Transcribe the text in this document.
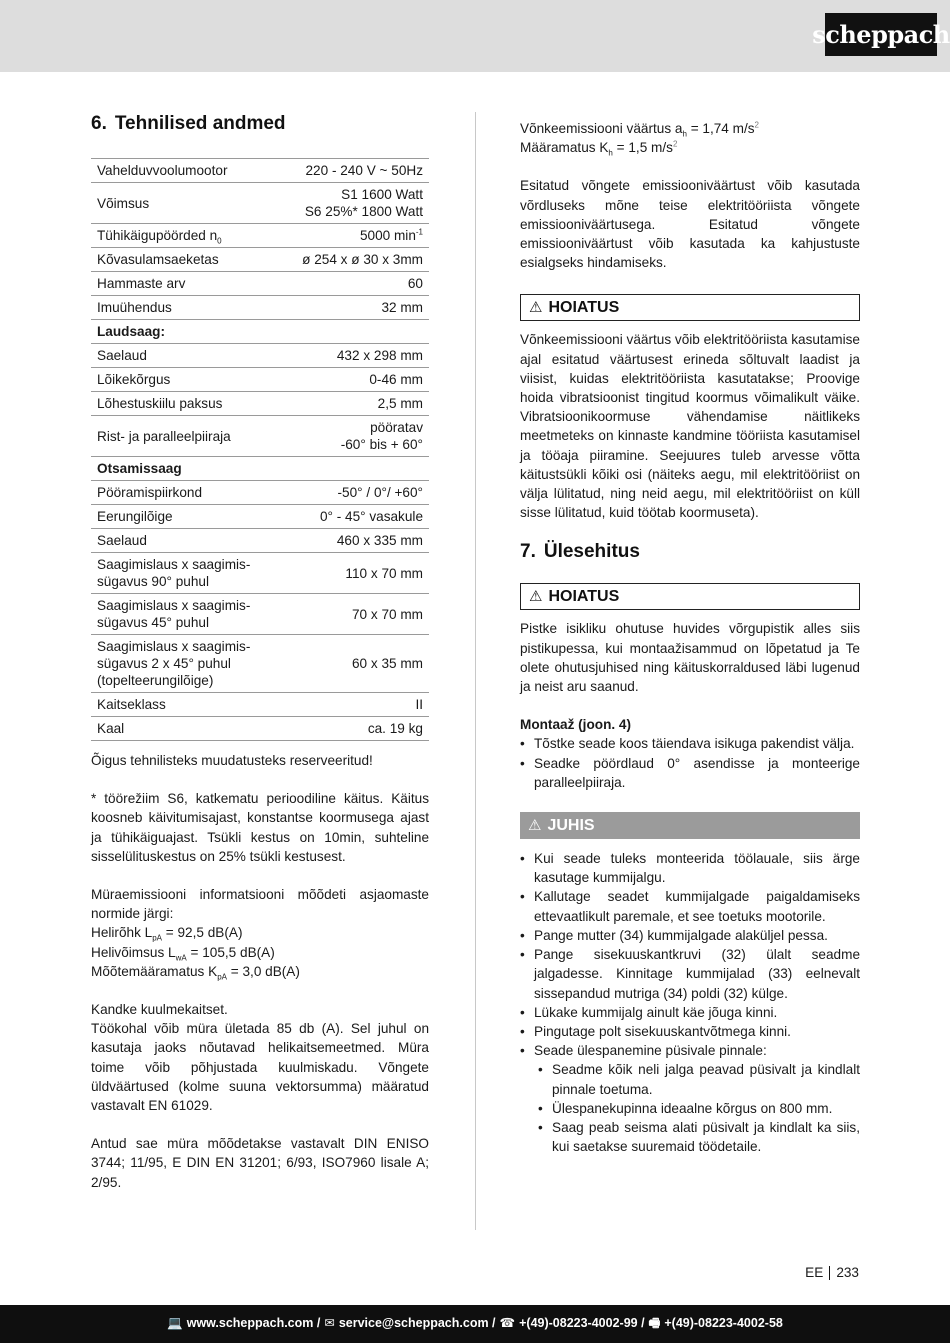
scheppach
6. Tehnilised andmed
Vahelduvvoolumootor	220 - 240 V ~ 50Hz
Võimsus	S1 1600 Watt
S6 25%* 1800 Watt

Tühikäigupöörded $n_0$	5000 $\min^{-1}$
Kõvasulamsaeketas	ø 254 x ø 30 x 3mm
Hammaste arv	60
Imuühendus	32 mm
Laudsaag:	
Saelaud	432 x 298 mm
Lõikekõrgus	0-46 mm
Lõhestuskiilu paksus	2,5 mm
Rist- ja paralleelpiiraja	pööratav
-60° bis + 60°

Otsamissaag	
Pööramispiirkond	-50° / 0°/ +60°
Eerungilõige	0° - 45° vasakule
Saelaud	460 x 335 mm

Saagimislaus x saagimis-
sügavus 90° puhul	110 x 70 mm

Saagimislaus x saagimis-
sügavus 45° puhul	70 x 70 mm

Saagimislaus x saagimis-
sügavus 2 x 45° puhul
(topelteerungilõige)	60 x 35 mm
Kaitseklass	II
Kaal	ca. 19 kg

Õigus tehnilisteks muudatusteks reserveeritud!

* töörežiim S6, katkematu perioodiline käitus. Käitus koosneb käivitumisajast, konstantse koormusega ajast ja tühikäiguajast. Tsükli kestus on 10min, suhteline sisselülituskestus on 25% tsükli kestusest.

Müraemissiooni informatsiooni mõõdeti asjaomaste normide järgi:

Helirõhk $L_{pA} = 92,5$ dB(A)
Helivõimsus $L_{wA} = 105,5$ dB(A)
Mõõtemääramatus $K_{pA} = 3,0$ dB(A)

Kandke kuulmekaitset.

Töökohal võib müra ületada 85 db (A). Sel juhul on kasutaja jaoks nõutavad helikaitsemeetmed. Müra toime võib põhjustada kuulmiskadu. Võngete üldväärtused (kolme suuna vektorsumma) määratud vastavalt EN 61029.

Antud sae müra mõõdetakse vastavalt DIN ENISO 3744; 11/95, E DIN EN 31201; 6/93, ISO7960 lisale A; 2/95.

Võnkeemissiooni väärtus $a_h = 1,74$ $m/s^2$
Määramatus $K_h = 1,5$ $m/s^2$

Esitatud võngete emissiooniväärtust võib kasutada võrdluseks mõne teise elektritööriista võngete emissiooniväärtusega. Esitatud võngete emissiooniväärtust võib kasutada ka kahjustuste esialgseks hindamiseks.

⚠ HOIATUS

Võnkeemissiooni väärtus võib elektritööriista kasutamise ajal esitatud väärtusest erineda sõltuvalt laadist ja viisist, kuidas elektritööriista kasutatakse; Proovige hoida vibratsioonist tingitud koormus võimalikult väike. Vibratsioonikoormuse vähendamise näitlikeks meetmeteks on kinnaste kandmine tööriista kasutamisel ja tööaja piiramine. Seejuures tuleb arvesse võtta käitustsükli kõiki osi (näiteks aegu, mil elektritööriist on välja lülitatud, ning neid aegu, mil elektritööriist on küll sisse lülitatud, kuid töötab koormuseta).

7. Ülesehitus
⚠ HOIATUS

Pistke isikliku ohutuse huvides võrgupistik alles siis pistikupessa, kui montaažisammud on lõpetatud ja Te olete ohutusjuhised ning käituskorraldused läbi lugenud ja neist aru saanud.

Montaaž (joon. 4)

• Tõstke seade koos täiendava isikuga pakendist välja.
• Seadke pöördlaud 0° asendisse ja monteerige paralleelpiiraja.
⚠ JUHIS
• Kui seade tuleks monteerida töölauale, siis ärge kasutage kummijalgu.
• Kallutage seadet kummijalgade paigaldamiseks ettevaatlikult paremale, et see toetuks mootorile.
• Pange mutter (34) kummijalgade alaküljel pessa.
• Pange sisekuuskantkruvi (32) ülalt seadme jalgadesse. Kinnitage kummijalad (33) eelnevalt sissepandud mutriga (34) poldi (32) külge.
• Lükake kummijalg ainult käe jõuga kinni.
• Pingutage polt sisekuuskantvõtmega kinni.
• Seade ülespanemine püsivale pinnale:
• Seadme kõik neli jalga peavad püsivalt ja kindlalt pinnale toetuma.
• Ülespanekupinna ideaalne kõrgus on 800 mm.
• Saag peab seisma alati püsivalt ja kindlalt ka siis, kui saetakse suuremaid töödetaile.
EE 233
💻 www.scheppach.com / ✉ service@scheppach.com / ☎ +(49)-08223-4002-99 / 🖷 +(49)-08223-4002-58
